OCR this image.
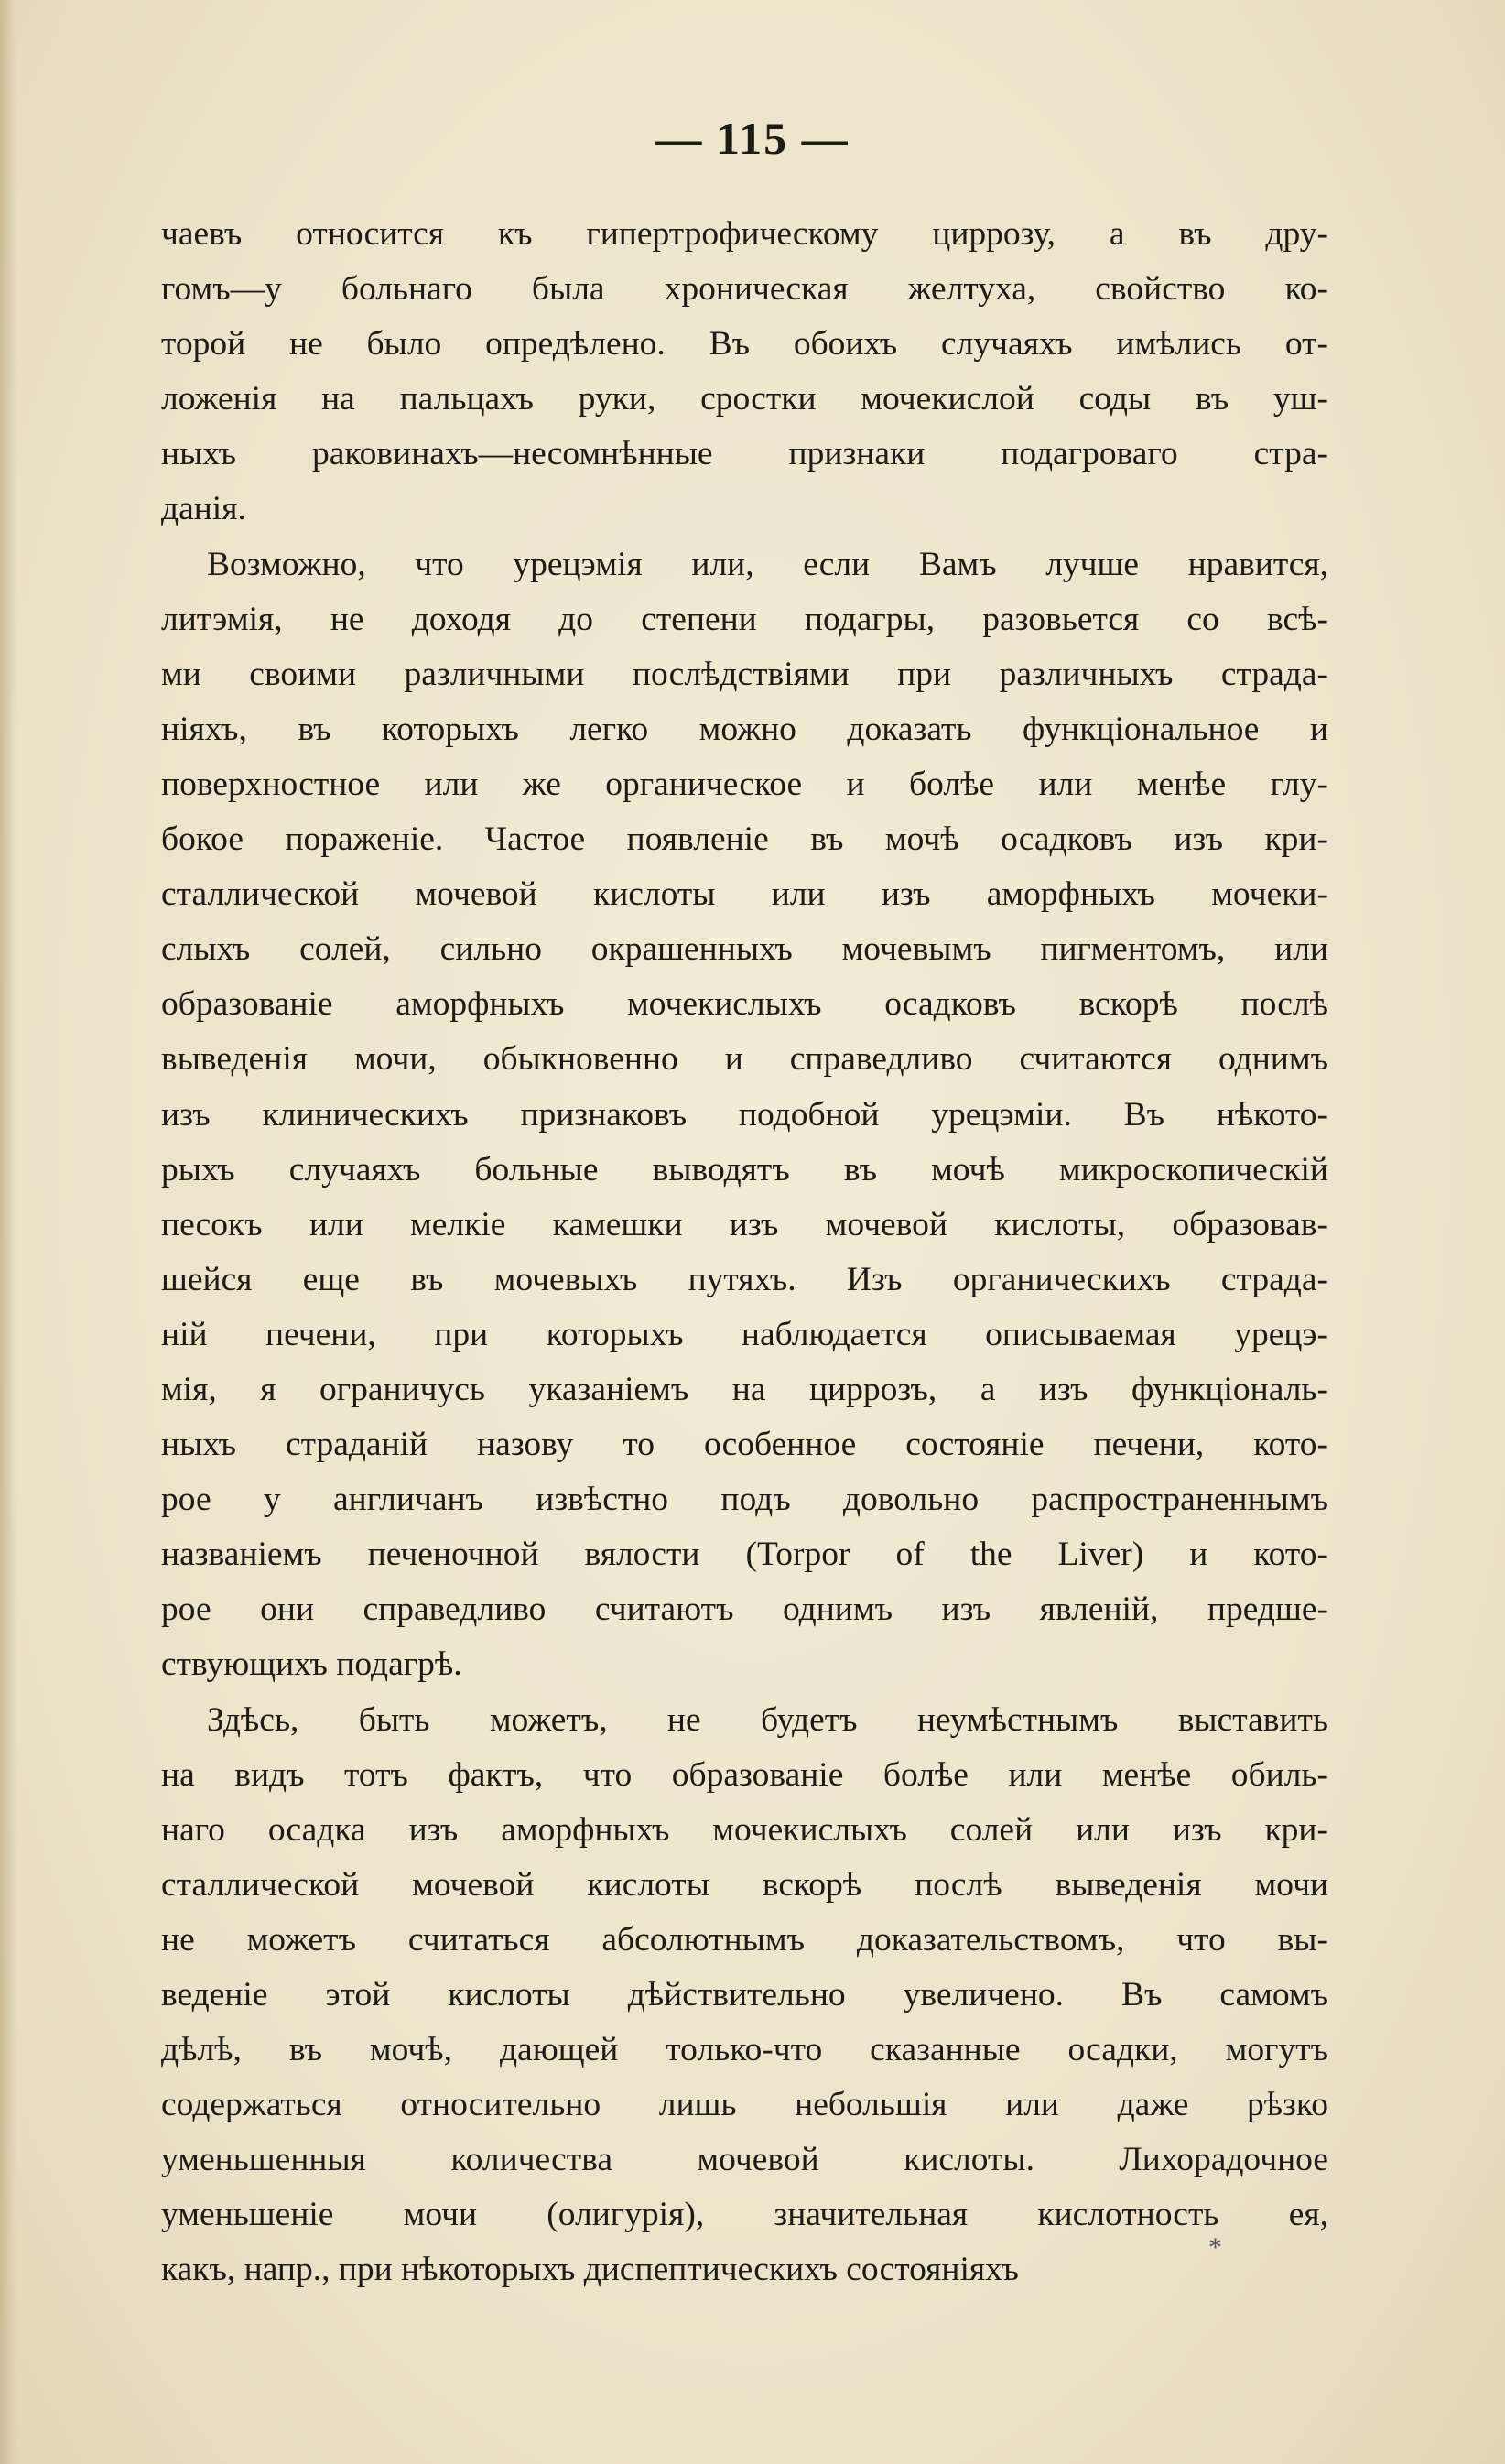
— 115 —
чаевъ относится къ гипертрофическому циррозу, а въ дру-
гомъ—у больнаго была хроническая желтуха, свойство ко-
торой не было опредѣлено. Въ обоихъ случаяхъ имѣлись от-
ложенія на пальцахъ руки, сростки мочекислой соды въ уш-
ныхъ раковинахъ—несомнѣнные признаки подагроваго стра-
данія.
Возможно, что урецэмія или, если Вамъ лучше нравится,
литэмія, не доходя до степени подагры, разовьется со всѣ-
ми своими различными послѣдствіями при различныхъ страда-
ніяхъ, въ которыхъ легко можно доказать функціональное и
поверхностное или же органическое и болѣе или менѣе глу-
бокое пораженіе. Частое появленіе въ мочѣ осадковъ изъ кри-
сталлической мочевой кислоты или изъ аморфныхъ мочеки-
слыхъ солей, сильно окрашенныхъ мочевымъ пигментомъ, или
образованіе аморфныхъ мочекислыхъ осадковъ вскорѣ послѣ
выведенія мочи, обыкновенно и справедливо считаются однимъ
изъ клиническихъ признаковъ подобной урецэміи. Въ нѣкото-
рыхъ случаяхъ больные выводятъ въ мочѣ микроскопическій
песокъ или мелкіе камешки изъ мочевой кислоты, образовав-
шейся еще въ мочевыхъ путяхъ. Изъ органическихъ страда-
ній печени, при которыхъ наблюдается описываемая урецэ-
мія, я ограничусь указаніемъ на циррозъ, а изъ функціональ-
ныхъ страданій назову то особенное состояніе печени, кото-
рое у англичанъ извѣстно подъ довольно распространеннымъ
названіемъ печеночной вялости (Torpor of the Liver) и кото-
рое они справедливо считаютъ однимъ изъ явленій, предше-
ствующихъ подагрѣ.
Здѣсь, быть можетъ, не будетъ неумѣстнымъ выставить
на видъ тотъ фактъ, что образованіе болѣе или менѣе обиль-
наго осадка изъ аморфныхъ мочекислыхъ солей или изъ кри-
сталлической мочевой кислоты вскорѣ послѣ выведенія мочи
не можетъ считаться абсолютнымъ доказательствомъ, что вы-
веденіе этой кислоты дѣйствительно увеличено. Въ самомъ
дѣлѣ, въ мочѣ, дающей только-что сказанные осадки, могутъ
содержаться относительно лишь небольшія или даже рѣзко
уменьшенныя количества мочевой кислоты. Лихорадочное
уменьшеніе мочи (олигурія), значительная кислотность ея,
какъ, напр., при нѣкоторыхъ диспептическихъ состояніяхъ
*
